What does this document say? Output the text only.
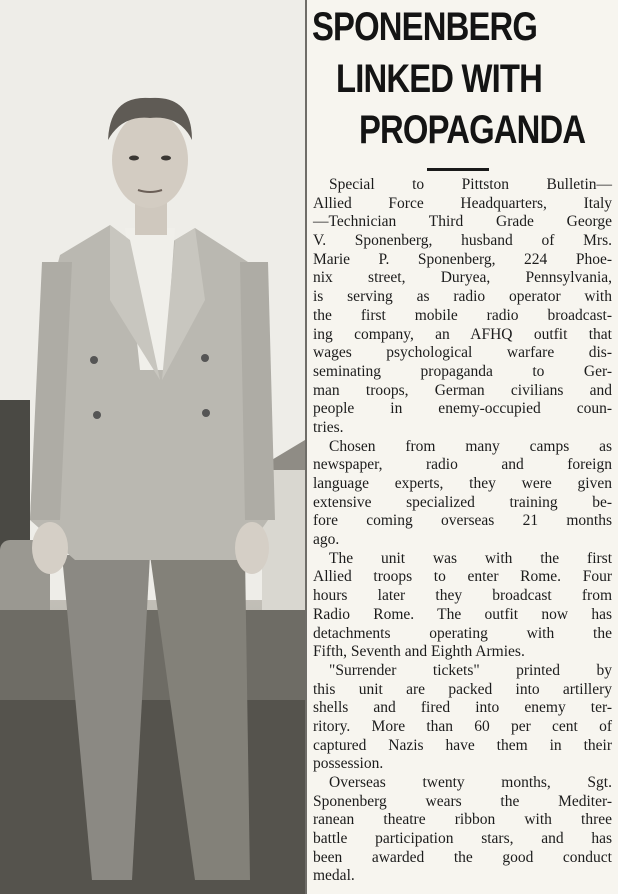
SPONENBERG
LINKED WITH
PROPAGANDA
Special to Pittston Bulletin—
Allied Force Headquarters, Italy
—Technician Third Grade George
V. Sponenberg, husband of Mrs.
Marie P. Sponenberg, 224 Phoe-
nix street, Duryea, Pennsylvania,
is serving as radio operator with
the first mobile radio broadcast-
ing company, an AFHQ outfit that
wages psychological warfare dis-
seminating propaganda to Ger-
man troops, German civilians and
people in enemy-occupied coun-
tries.
Chosen from many camps as
newspaper, radio and foreign
language experts, they were given
extensive specialized training be-
fore coming overseas 21 months
ago.
The unit was with the first
Allied troops to enter Rome. Four
hours later they broadcast from
Radio Rome. The outfit now has
detachments operating with the
Fifth, Seventh and Eighth Armies.
"Surrender tickets" printed by
this unit are packed into artillery
shells and fired into enemy ter-
ritory. More than 60 per cent of
captured Nazis have them in their
possession.
Overseas twenty months, Sgt.
Sponenberg wears the Mediter-
ranean theatre ribbon with three
battle participation stars, and has
been awarded the good conduct
medal.
